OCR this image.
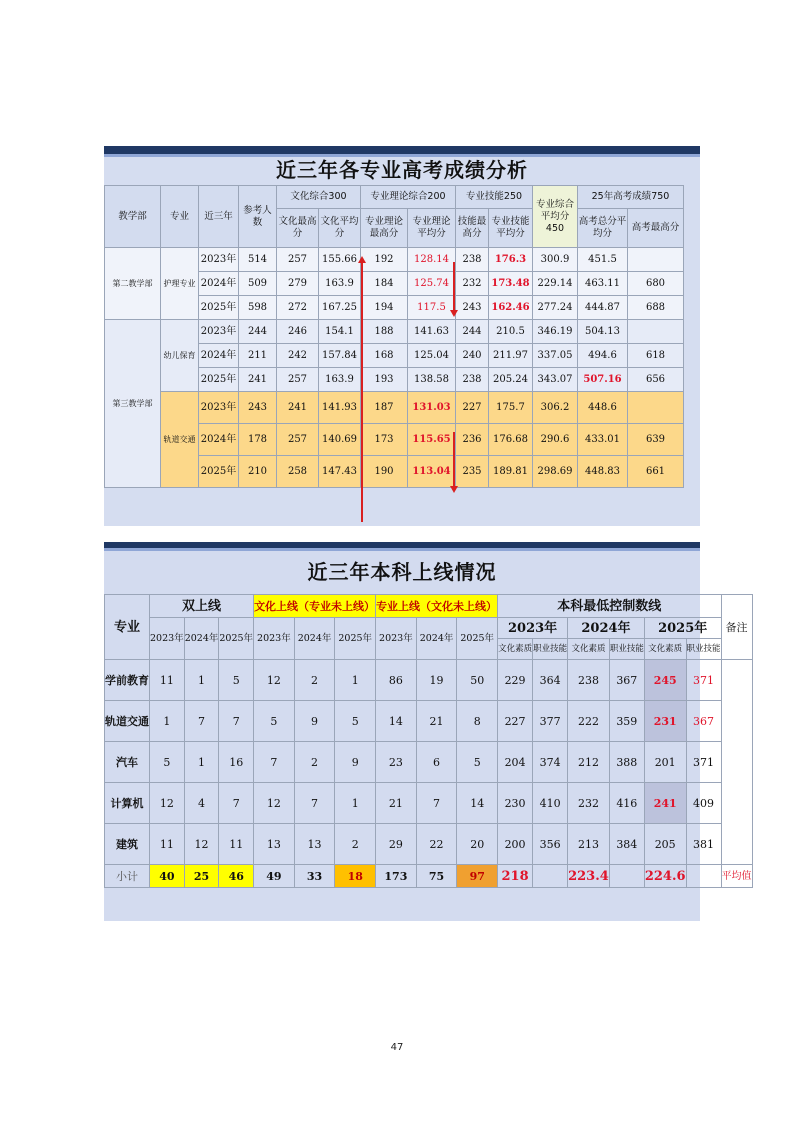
近三年各专业高考成绩分析
教学部	专业	近三年	参考人数	文化综合300		专业理论综合200		专业技能250		专业综合平均分450	25年高考成绩750	
				文化最高分	文化平均分	专业理论最高分	专业理论平均分	技能最高分	专业技能平均分		高考总分平均分	高考最高分
第二教学部	护理专业	2023年	514	257	155.66	192	128.14	238	176.3	300.9	451.5	
		2024年	509	279	163.9	184	125.74	232	173.48	229.14	463.11	680
		2025年	598	272	167.25	194	117.5	243	162.46	277.24	444.87	688
第三教学部	幼儿保育	2023年	244	246	154.1	188	141.63	244	210.5	346.19	504.13	
		2024年	211	242	157.84	168	125.04	240	211.97	337.05	494.6	618
		2025年	241	257	163.9	193	138.58	238	205.24	343.07	507.16	656
	轨道交通	2023年	243	241	141.93	187	131.03	227	175.7	306.2	448.6	
		2024年	178	257	140.69	173	115.65	236	176.68	290.6	433.01	639
		2025年	210	258	147.43	190	113.04	235	189.81	298.69	448.83	661
近三年本科上线情况
专业	双上线			文化上线（专业未上线）			专业上线（文化未上线）			本科最低控制数线						备注
	2023年	2024年	2025年	2023年	2024年	2025年	2023年	2024年	2025年	2023年		2024年		2025年		
										文化素质	职业技能	文化素质	职业技能	文化素质	职业技能	
学前教育	11	1	5	12	2	1	86	19	50	229	364	238	367	245	371	
轨道交通	1	7	7	5	9	5	14	21	8	227	377	222	359	231	367	
汽车	5	1	16	7	2	9	23	6	5	204	374	212	388	201	371	
计算机	12	4	7	12	7	1	21	7	14	230	410	232	416	241	409	
建筑	11	12	11	13	13	2	29	22	20	200	356	213	384	205	381	
小计	40	25	46	49	33	18	173	75	97	218		223.4		224.6		平均值
47
